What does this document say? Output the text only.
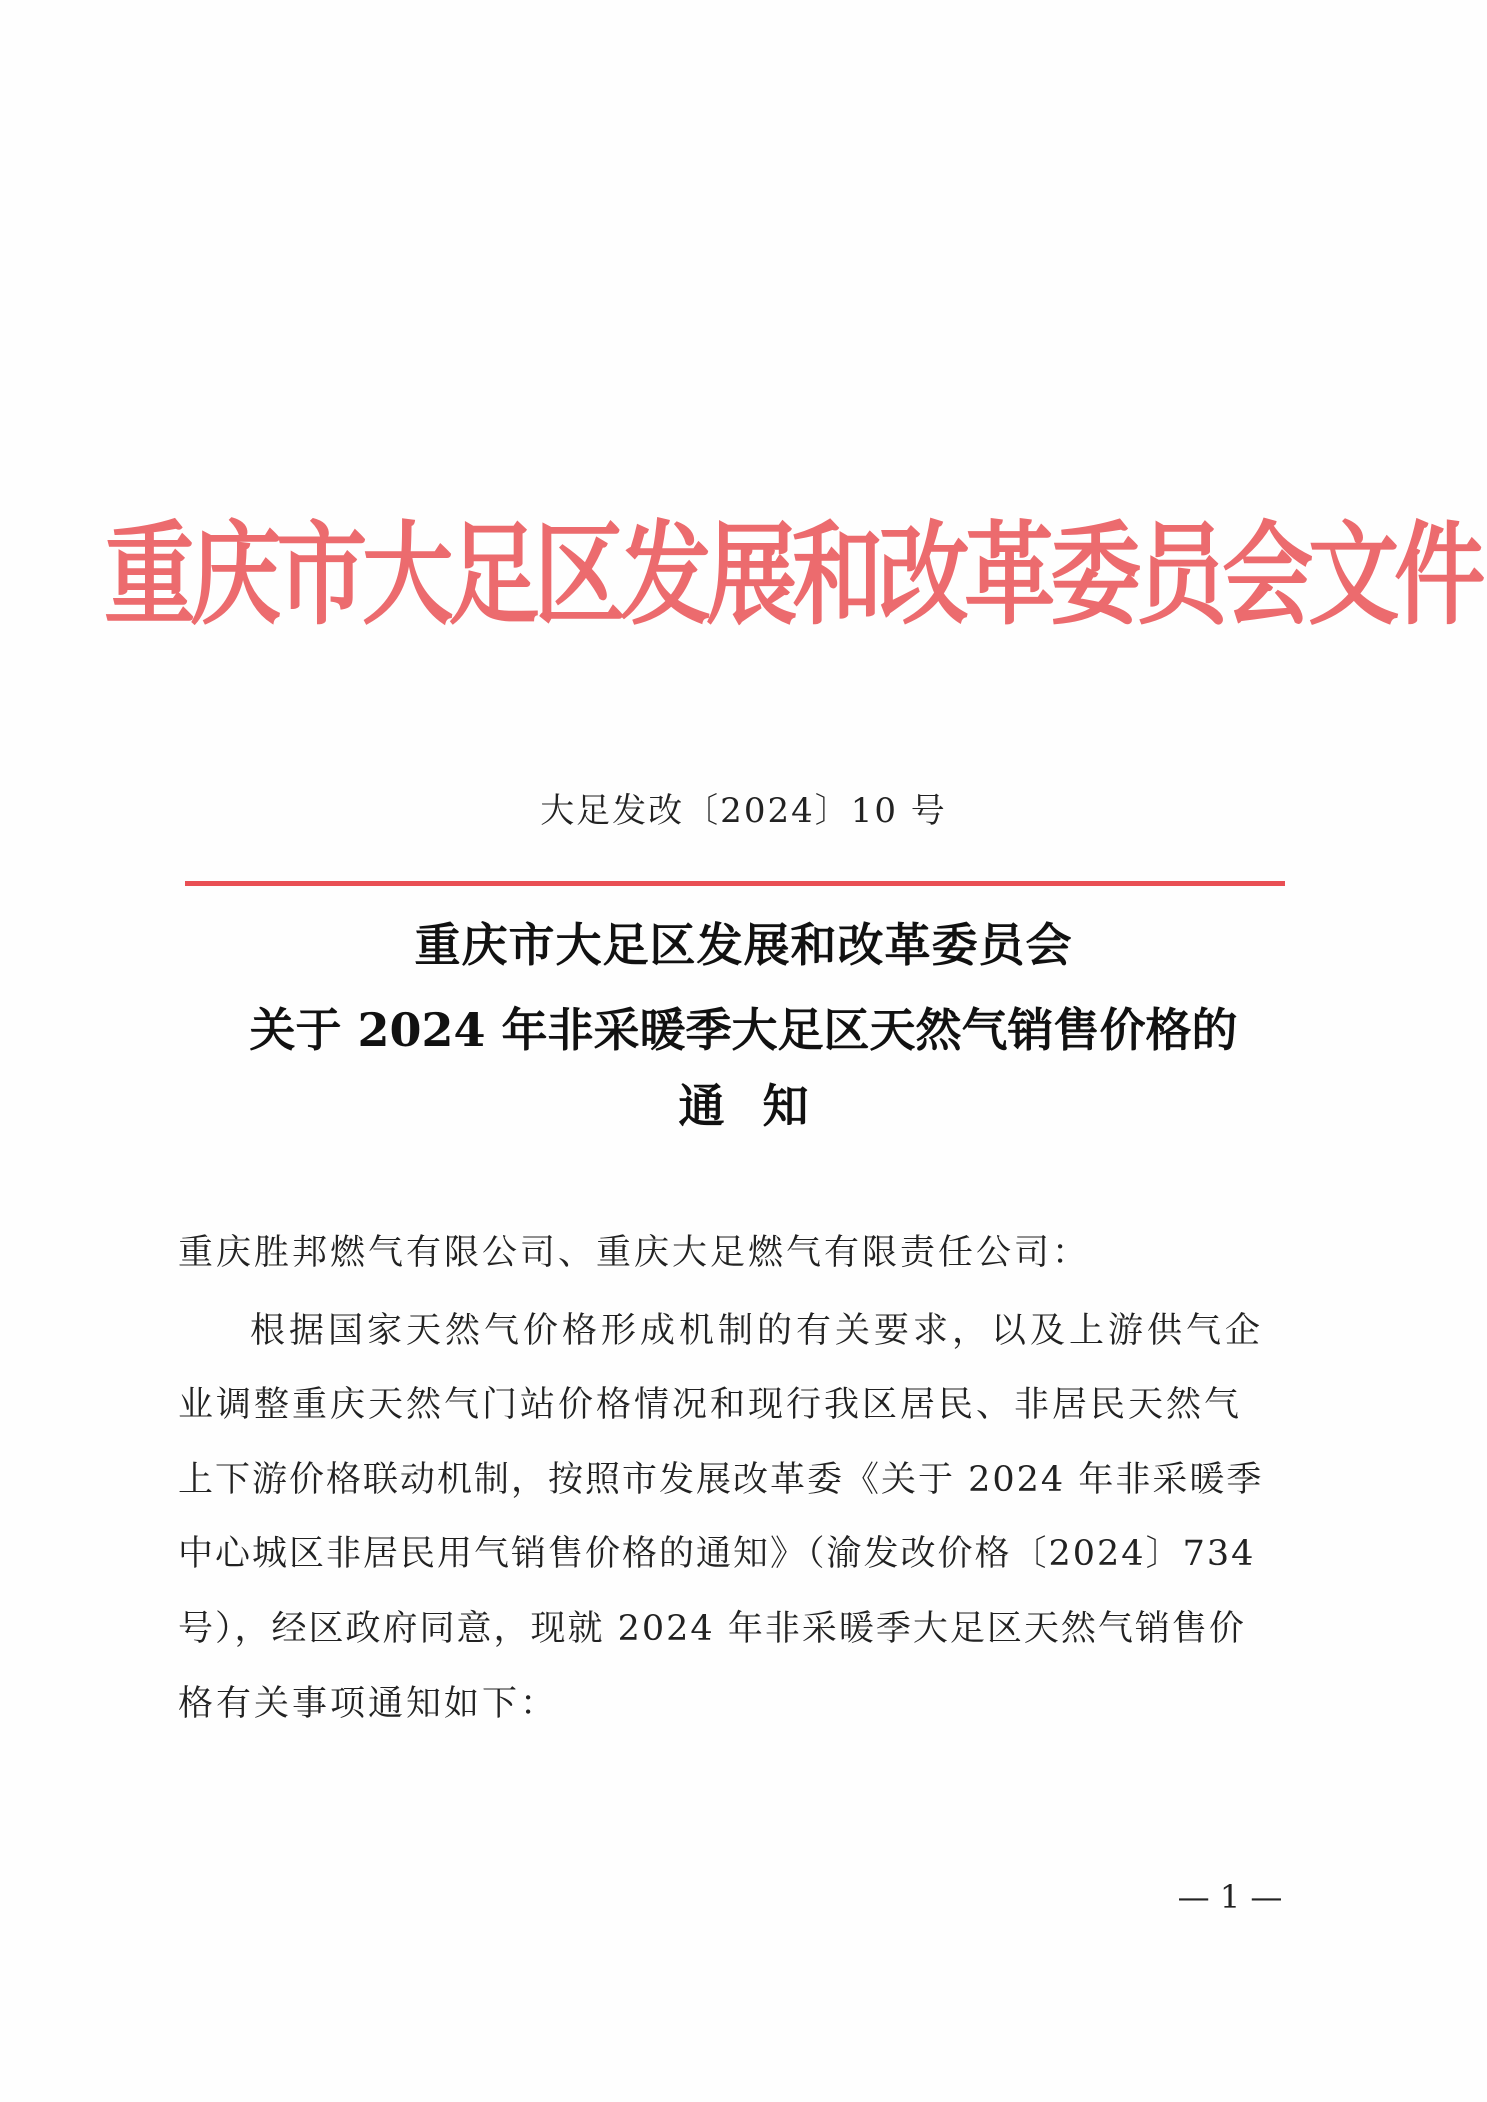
重庆市大足区发展和改革委员会文件
大足发改〔2024〕10 号
重庆市大足区发展和改革委员会
关于 2024 年非采暖季大足区天然气销售价格的
通知
重庆胜邦燃气有限公司、重庆大足燃气有限责任公司：
根据国家天然气价格形成机制的有关要求，以及上游供气企
业调整重庆天然气门站价格情况和现行我区居民、非居民天然气
上下游价格联动机制，按照市发展改革委《关于 2024 年非采暖季
中心城区非居民用气销售价格的通知》（渝发改价格〔2024〕734
号），经区政府同意，现就 2024 年非采暖季大足区天然气销售价
格有关事项通知如下：
— 1 —
